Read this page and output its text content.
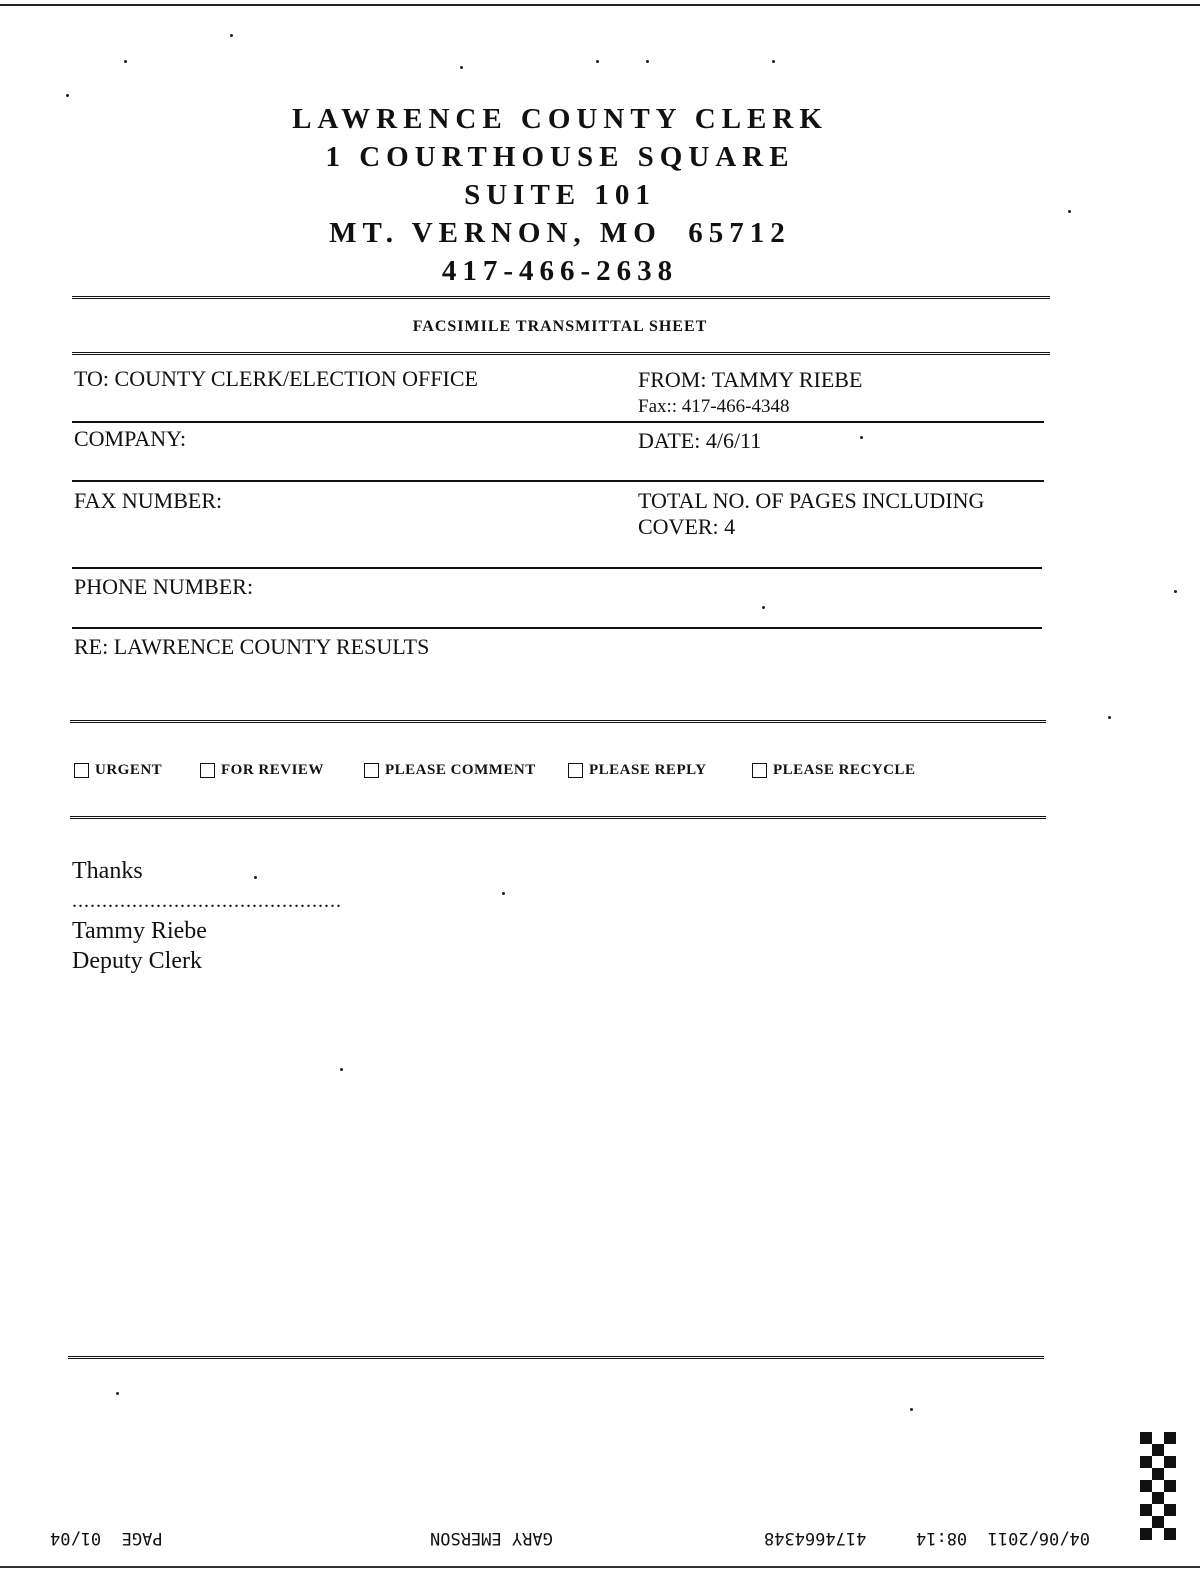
LAWRENCE COUNTY CLERK
1 COURTHOUSE SQUARE
SUITE 101
MT. VERNON, MO  65712
417-466-2638
FACSIMILE TRANSMITTAL SHEET
TO: COUNTY CLERK/ELECTION OFFICE	FROM: TAMMY RIEBE
Fax:: 417-466-4348
COMPANY:	DATE: 4/6/11
FAX NUMBER:	TOTAL NO. OF PAGES INCLUDING
COVER: 4
PHONE NUMBER:
RE: LAWRENCE COUNTY RESULTS
URGENT	FOR REVIEW	PLEASE COMMENT	PLEASE REPLY	PLEASE RECYCLE
Thanks
.............................................
Tammy Riebe
Deputy Clerk
PAGE  01/04	GARY EMERSON	4174664348	04/06/2011  08:14
